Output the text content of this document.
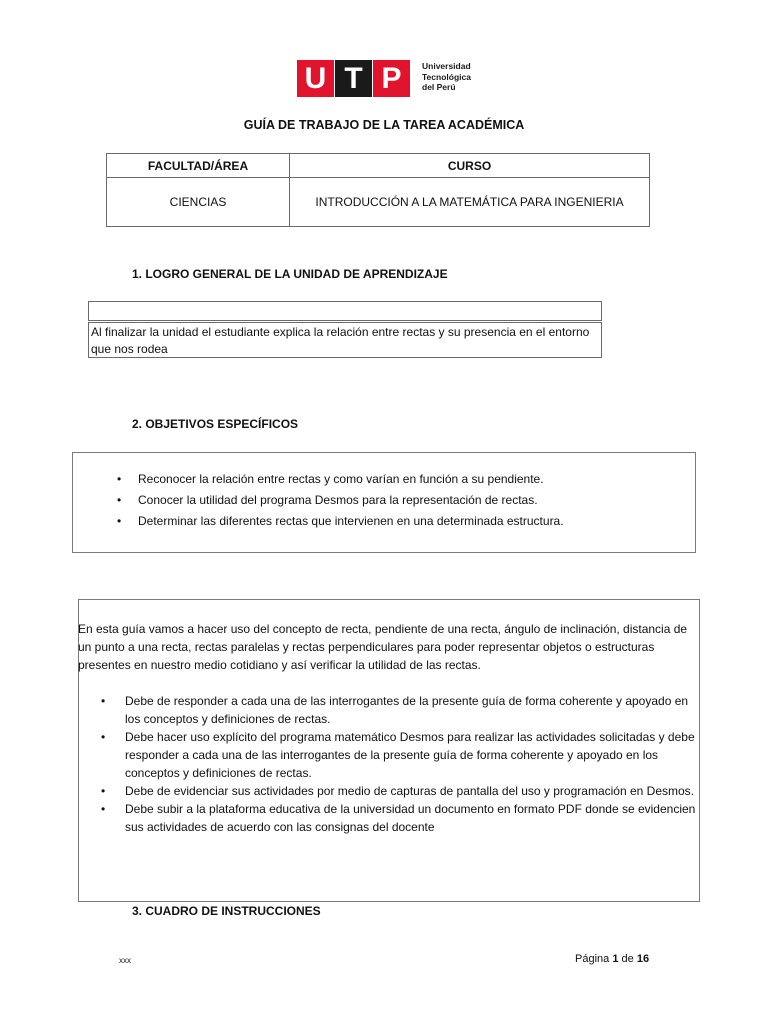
U T P	Universidad
Tecnológica
del Perú
GUÍA DE TRABAJO DE LA TAREA ACADÉMICA
FACULTAD/ÁREA	CURSO
CIENCIAS	INTRODUCCIÓN A LA MATEMÁTICA PARA INGENIERIA
1. LOGRO GENERAL DE LA UNIDAD DE APRENDIZAJE
Al finalizar la unidad el estudiante explica la relación entre rectas y su presencia en el entorno que nos rodea
2. OBJETIVOS ESPECÍFICOS
• Reconocer la relación entre rectas y como varían en función a su pendiente.
• Conocer la utilidad del programa Desmos para la representación de rectas.
• Determinar las diferentes rectas que intervienen en una determinada estructura.
En esta guía vamos a hacer uso del concepto de recta, pendiente de una recta, ángulo de inclinación, distancia de un punto a una recta, rectas paralelas y rectas perpendiculares para poder representar objetos o estructuras presentes en nuestro medio cotidiano y así verificar la utilidad de las rectas.
• Debe de responder a cada una de las interrogantes de la presente guía de forma coherente y apoyado en los conceptos y definiciones de rectas.
• Debe hacer uso explícito del programa matemático Desmos para realizar las actividades solicitadas y debe responder a cada una de las interrogantes de la presente guía de forma coherente y apoyado en los conceptos y definiciones de rectas.
• Debe de evidenciar sus actividades por medio de capturas de pantalla del uso y programación en Desmos.
• Debe subir a la plataforma educativa de la universidad un documento en formato PDF donde se evidencien sus actividades de acuerdo con las consignas del docente
3. CUADRO DE INSTRUCCIONES
xxx	Página 1 de 16
